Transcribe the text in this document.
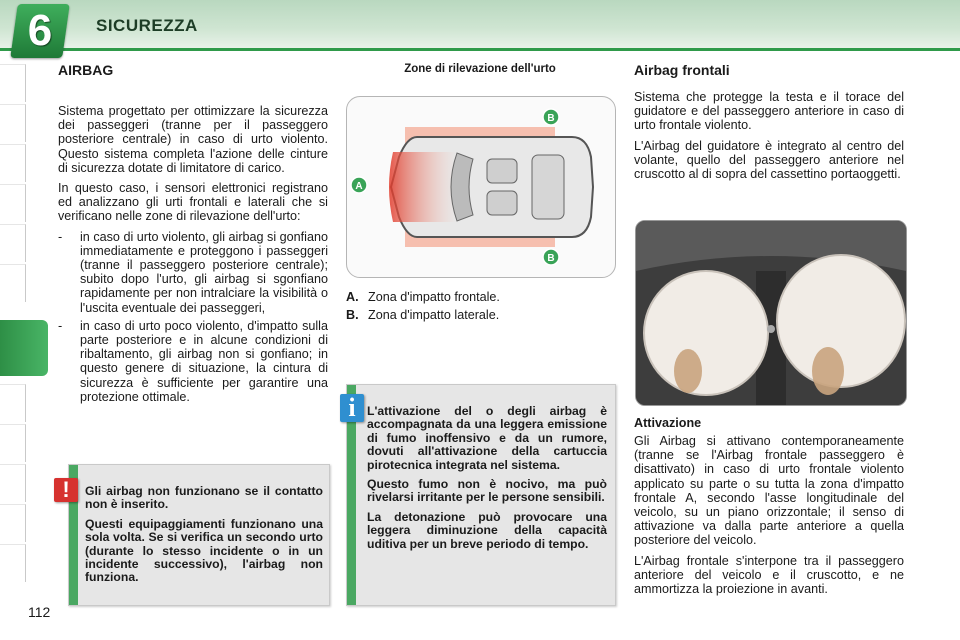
6	SICUREZZA
AIRBAG

Sistema progettato per ottimizzare la sicurezza dei passeggeri (tranne per il passeggero posteriore centrale) in caso di urto violento. Questo sistema completa l'azione delle cinture di sicurezza dotate di limitatore di carico.

In questo caso, i sensori elettronici registrano ed analizzano gli urti frontali e laterali che si verificano nelle zone di rilevazione dell'urto:

-	in caso di urto violento, gli airbag si gonfiano immediatamente e proteggono i passeggeri (tranne il passeggero posteriore centrale); subito dopo l'urto, gli airbag si sgonfiano rapidamente per non intralciare la visibilità o l'uscita eventuale dei passeggeri,
-	in caso di urto poco violento, d'impatto sulla parte posteriore e in alcune condizioni di ribaltamento, gli airbag non si gonfiano; in questo genere di situazione, la cintura di sicurezza è sufficiente per garantire una protezione ottimale.

Gli airbag non funzionano se il contatto non è inserito.

Questi equipaggiamenti funzionano una sola volta. Se si verifica un secondo urto (durante lo stesso incidente o in un incidente successivo), l'airbag non funziona.

!
Zone di rilevazione dell'urto
A
B
B
A. Zona d'impatto frontale.
B. Zona d'impatto laterale.

L'attivazione del o degli airbag è accompagnata da una leggera emissione di fumo inoffensivo e da un rumore, dovuti all'attivazione della cartuccia pirotecnica integrata nel sistema.

Questo fumo non è nocivo, ma può rivelarsi irritante per le persone sensibili.

La detonazione può provocare una leggera diminuzione della capacità uditiva per un breve periodo di tempo.

i
Airbag frontali

Sistema che protegge la testa e il torace del guidatore e del passeggero anteriore in caso di urto frontale violento.

L'Airbag del guidatore è integrato al centro del volante, quello del passeggero anteriore nel cruscotto al di sopra del cassettino portaoggetti.

Attivazione

Gli Airbag si attivano contemporaneamente (tranne se l'Airbag frontale passeggero è disattivato) in caso di urto frontale violento applicato su parte o su tutta la zona d'impatto frontale A, secondo l'asse longitudinale del veicolo, su un piano orizzontale; il senso di attivazione va dalla parte anteriore a quella posteriore del veicolo.

L'Airbag frontale s'interpone tra il passeggero anteriore del veicolo e il cruscotto, e ne ammortizza la proiezione in avanti.

112
